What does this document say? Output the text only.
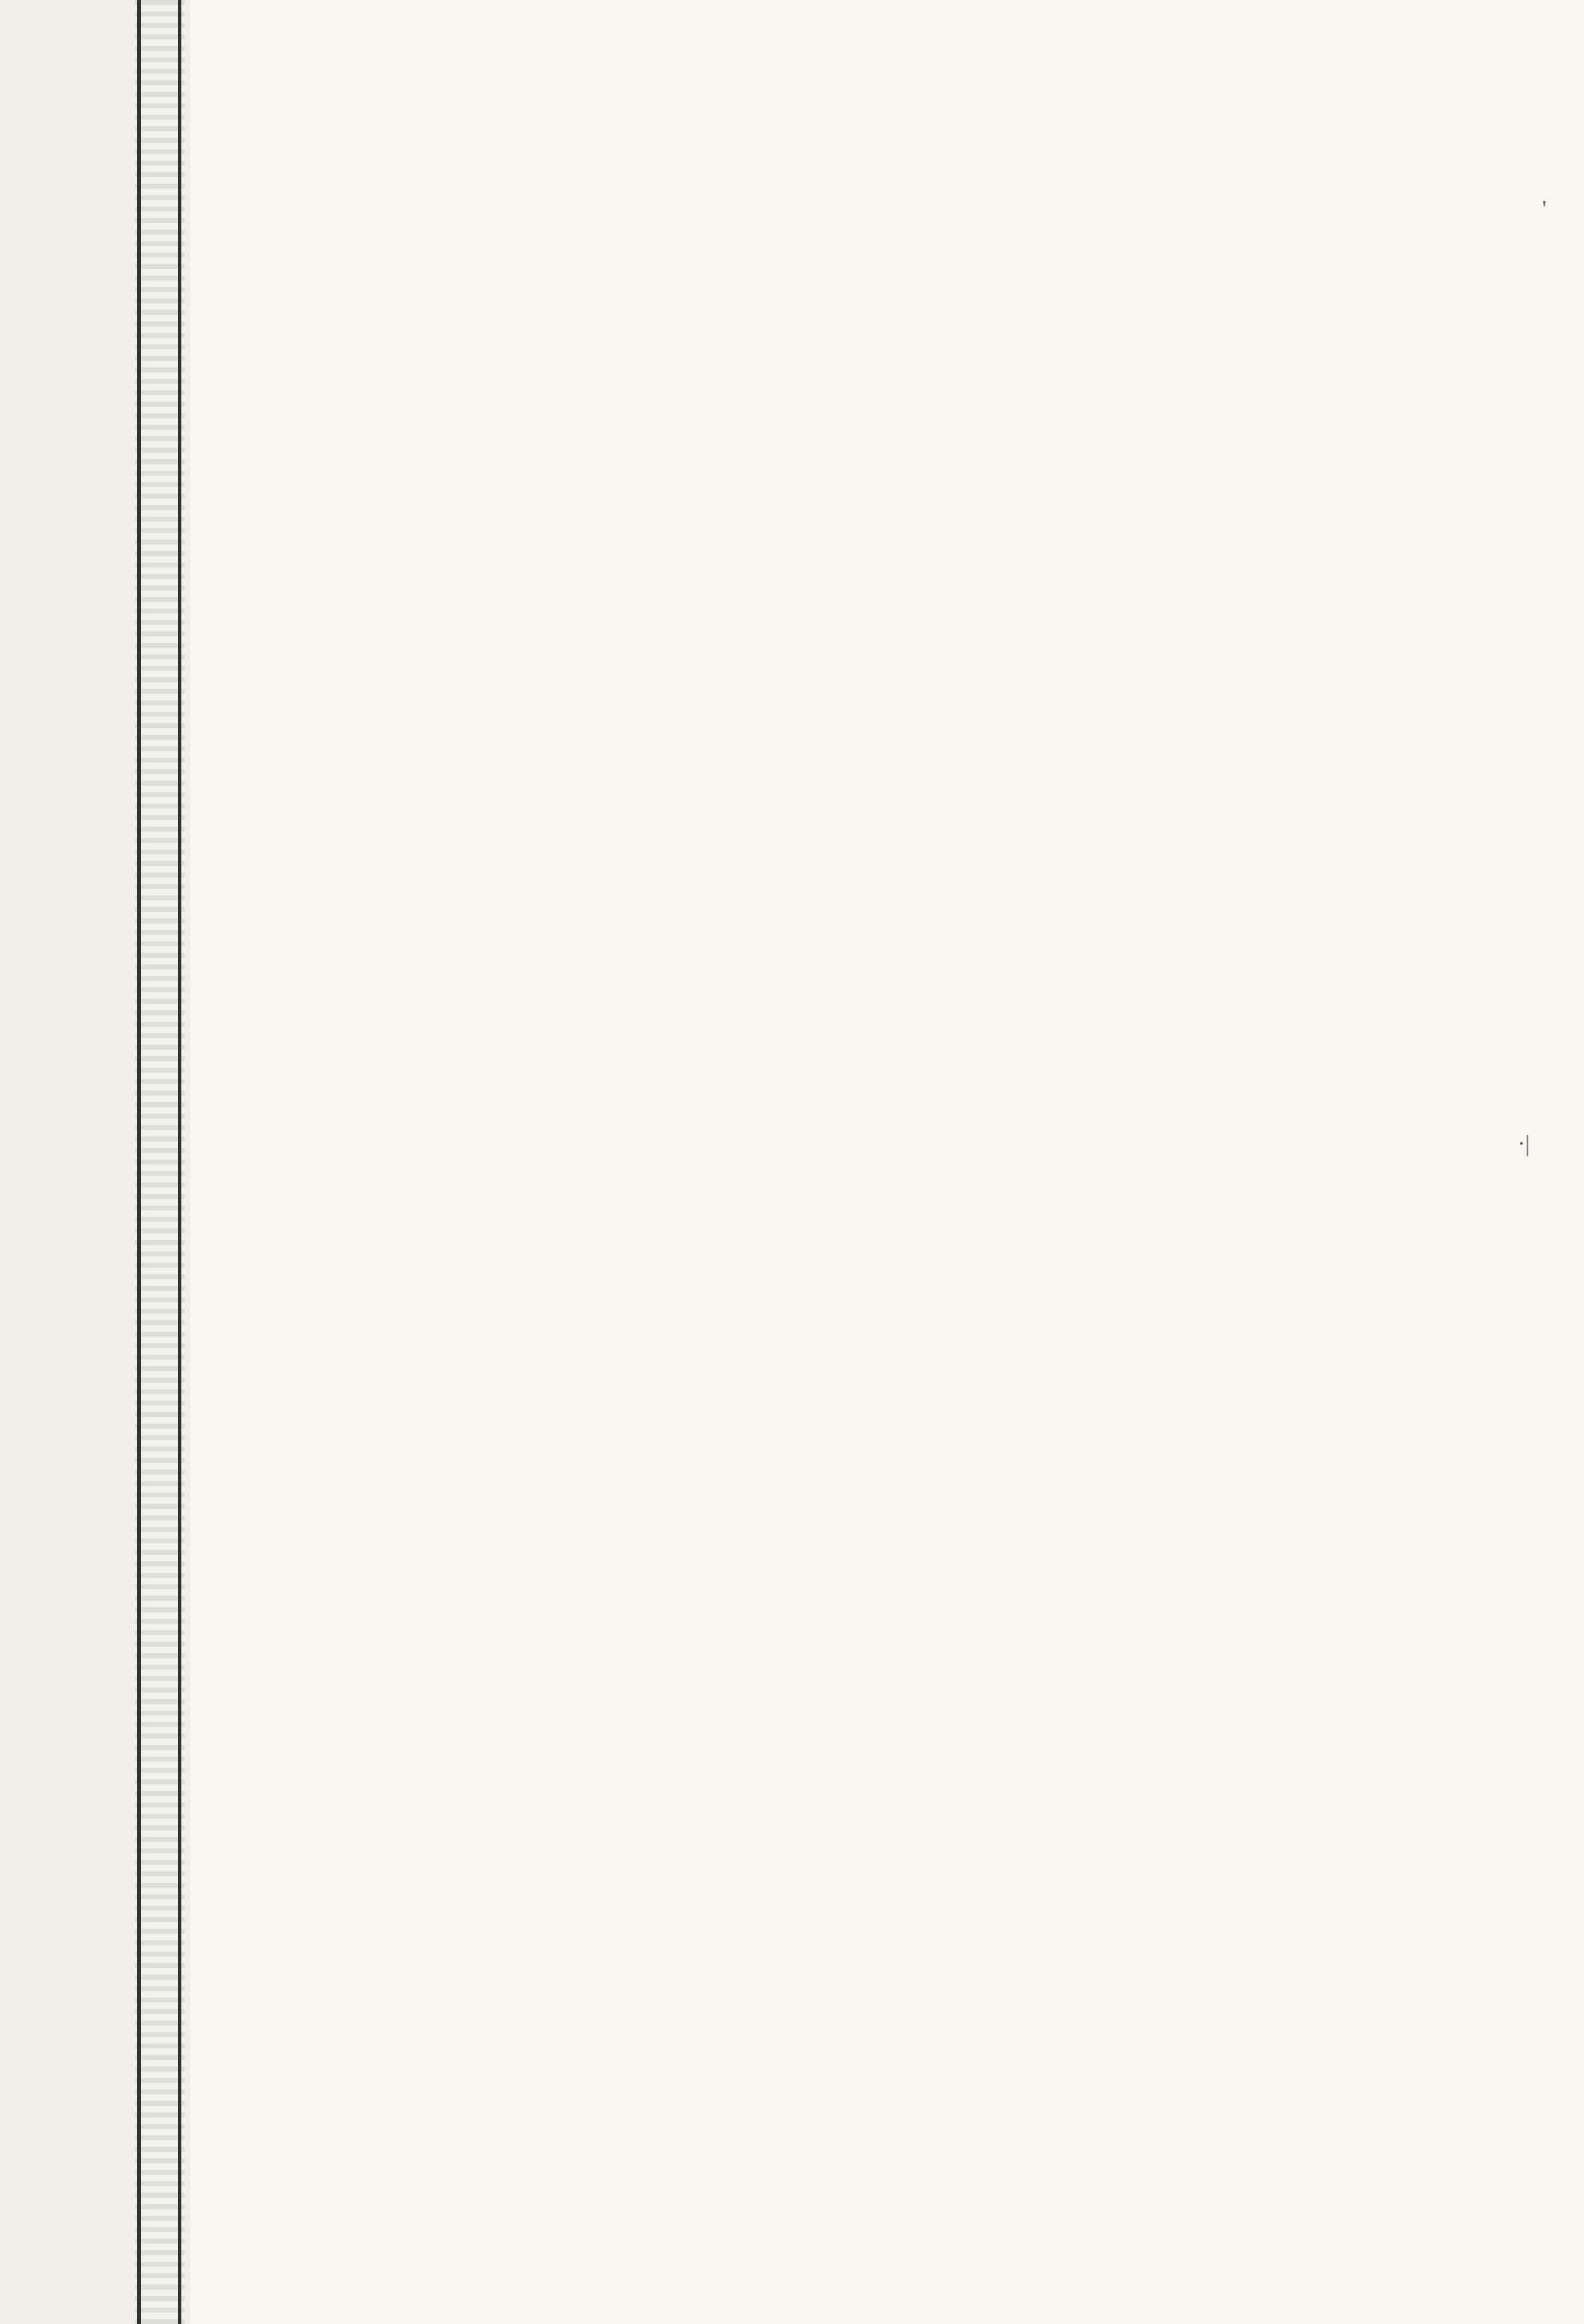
'
·|
